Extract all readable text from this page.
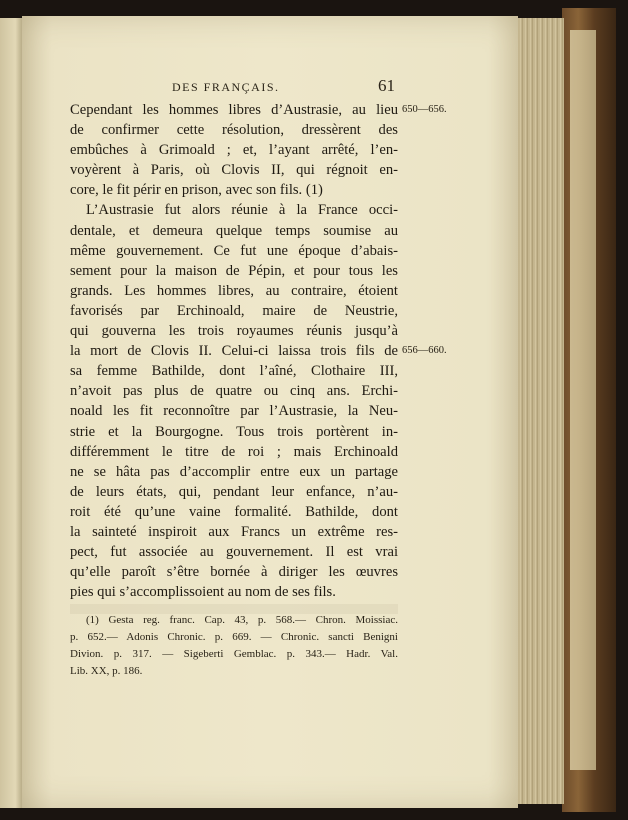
DES FRANÇAIS.	61
650—656.
656—660.
Cependant les hommes libres d’Austrasie, au lieu
de confirmer cette résolution, dressèrent des
embûches à Grimoald ; et, l’ayant arrêté, l’en-
voyèrent à Paris, où Clovis II, qui régnoit en-
core, le fit périr en prison, avec son fils. (1)
L’Austrasie fut alors réunie à la France occi-
dentale, et demeura quelque temps soumise au
même gouvernement. Ce fut une époque d’abais-
sement pour la maison de Pépin, et pour tous les
grands. Les hommes libres, au contraire, étoient
favorisés par Erchinoald, maire de Neustrie,
qui gouverna les trois royaumes réunis jusqu’à
la mort de Clovis II. Celui-ci laissa trois fils de
sa femme Bathilde, dont l’aîné, Clothaire III,
n’avoit pas plus de quatre ou cinq ans. Erchi-
noald les fit reconnoître par l’Austrasie, la Neu-
strie et la Bourgogne. Tous trois portèrent in-
différemment le titre de roi ; mais Erchinoald
ne se hâta pas d’accomplir entre eux un partage
de leurs états, qui, pendant leur enfance, n’au-
roit été qu’une vaine formalité. Bathilde, dont
la sainteté inspiroit aux Francs un extrême res-
pect, fut associée au gouvernement. Il est vrai
qu’elle paroît s’être bornée à diriger les œuvres
pies qui s’accomplissoient au nom de ses fils.
(1) Gesta reg. franc. Cap. 43, p. 568.— Chron. Moissiac.
p. 652.— Adonis Chronic. p. 669. — Chronic. sancti Benigni
Divion. p. 317. — Sigeberti Gemblac. p. 343.— Hadr. Val.
Lib. XX, p. 186.
